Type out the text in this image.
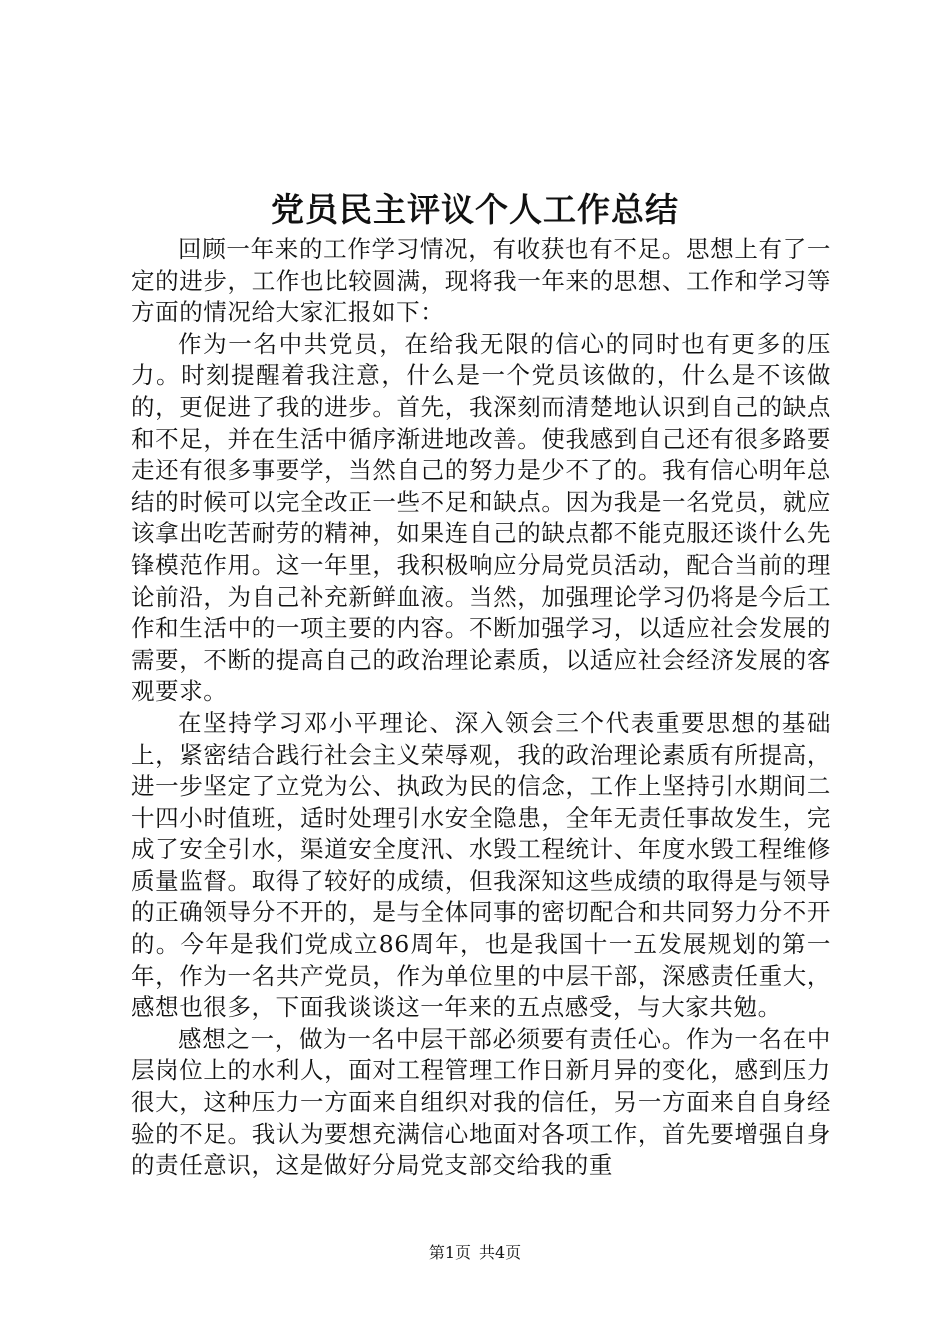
党员民主评议个人工作总结

回顾一年来的工作学习情况，有收获也有不足。思想上有了一定的进步，工作也比较圆满，现将我一年来的思想、工作和学习等方面的情况给大家汇报如下：

作为一名中共党员，在给我无限的信心的同时也有更多的压力。时刻提醒着我注意，什么是一个党员该做的，什么是不该做的，更促进了我的进步。首先，我深刻而清楚地认识到自己的缺点和不足，并在生活中循序渐进地改善。使我感到自己还有很多路要走还有很多事要学，当然自己的努力是少不了的。我有信心明年总结的时候可以完全改正一些不足和缺点。因为我是一名党员，就应该拿出吃苦耐劳的精神，如果连自己的缺点都不能克服还谈什么先锋模范作用。这一年里，我积极响应分局党员活动，配合当前的理论前沿，为自己补充新鲜血液。当然，加强理论学习仍将是今后工作和生活中的一项主要的内容。不断加强学习，以适应社会发展的需要，不断的提高自己的政治理论素质，以适应社会经济发展的客观要求。

在坚持学习邓小平理论、深入领会三个代表重要思想的基础上，紧密结合践行社会主义荣辱观，我的政治理论素质有所提高，进一步坚定了立党为公、执政为民的信念，工作上坚持引水期间二十四小时值班，适时处理引水安全隐患，全年无责任事故发生，完成了安全引水，渠道安全度汛、水毁工程统计、年度水毁工程维修质量监督。取得了较好的成绩，但我深知这些成绩的取得是与领导的正确领导分不开的，是与全体同事的密切配合和共同努力分不开的。今年是我们党成立86周年，也是我国十一五发展规划的第一年，作为一名共产党员，作为单位里的中层干部，深感责任重大，感想也很多，下面我谈谈这一年来的五点感受，与大家共勉。

感想之一，做为一名中层干部必须要有责任心。作为一名在中层岗位上的水利人，面对工程管理工作日新月异的变化，感到压力很大，这种压力一方面来自组织对我的信任，另一方面来自自身经验的不足。我认为要想充满信心地面对各项工作，首先要增强自身的责任意识，这是做好分局党支部交给我的重

第1页 共4页
